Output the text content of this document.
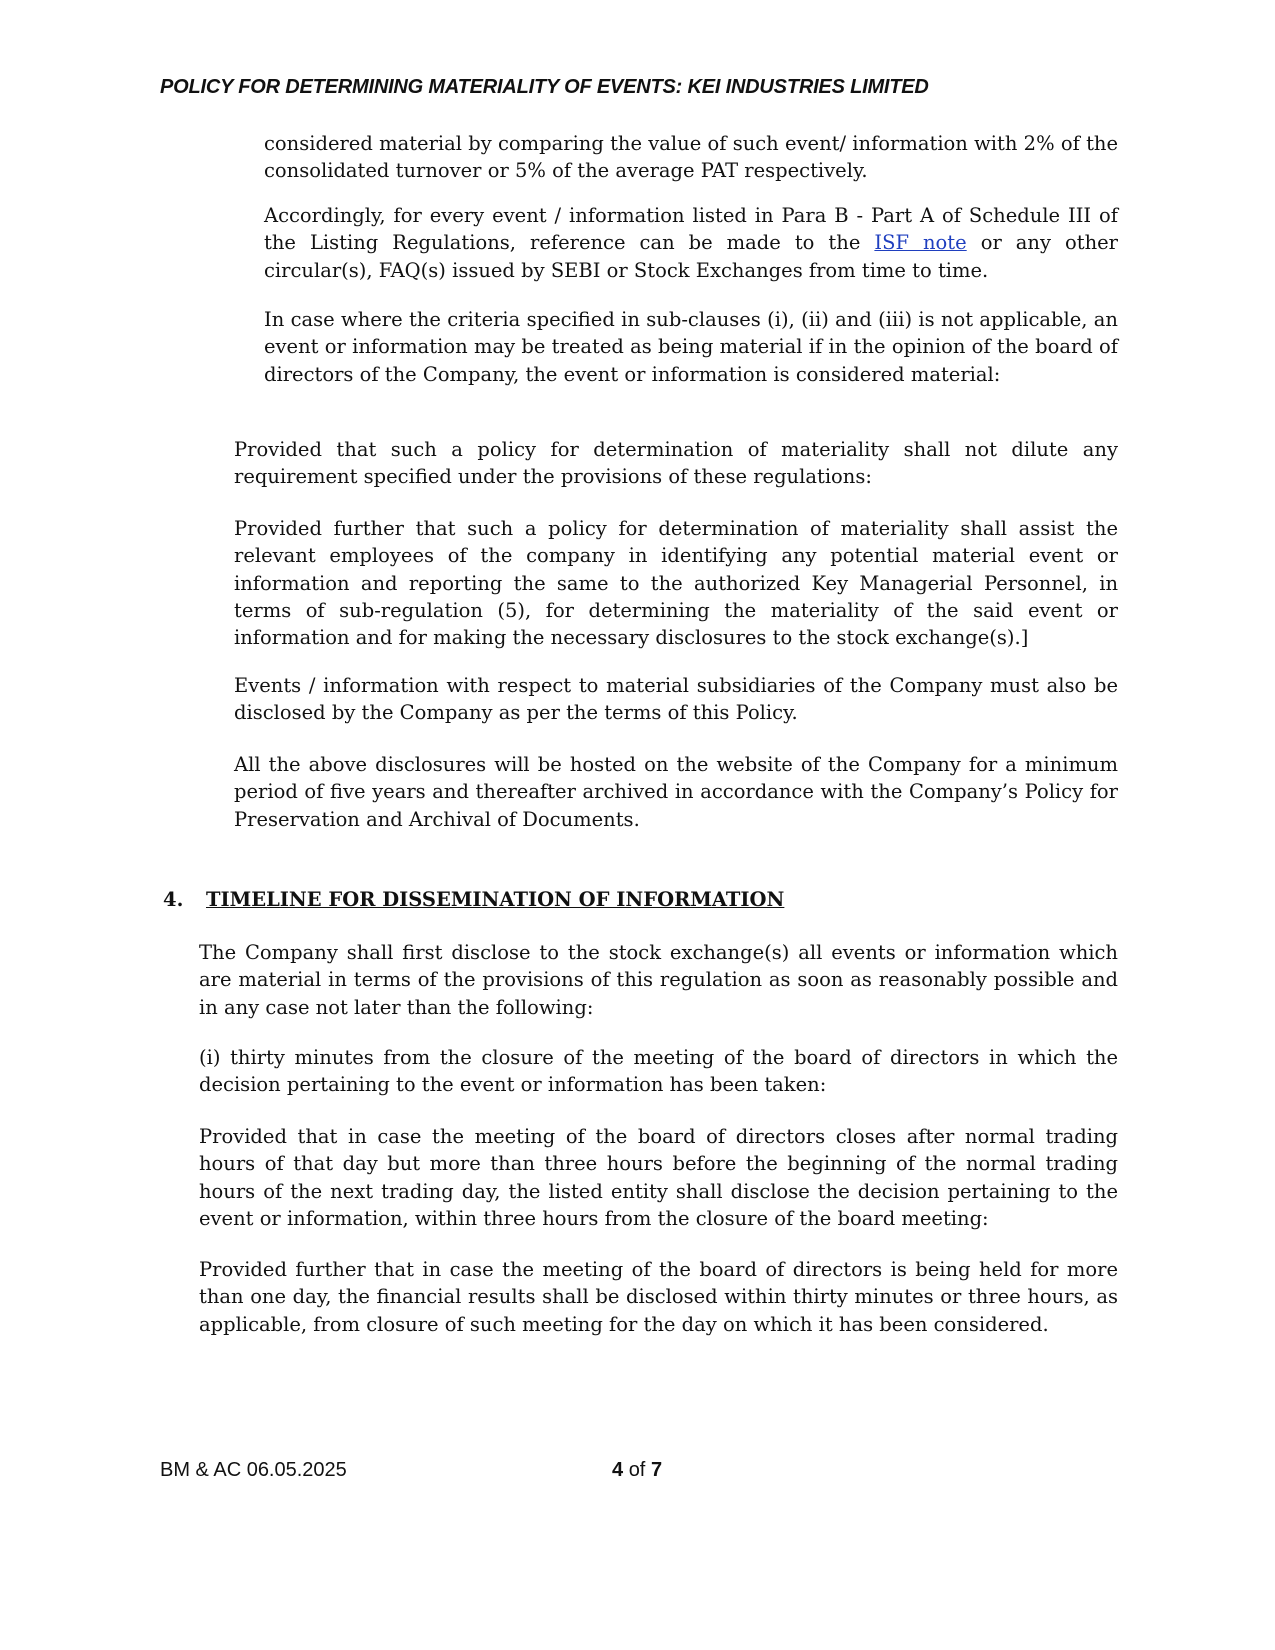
POLICY FOR DETERMINING MATERIALITY OF EVENTS: KEI INDUSTRIES LIMITED

considered material by comparing the value of such event/ information with 2% of the consolidated turnover or 5% of the average PAT respectively.

Accordingly, for every event / information listed in Para B - Part A of Schedule III of the Listing Regulations, reference can be made to the ISF note or any other circular(s), FAQ(s) issued by SEBI or Stock Exchanges from time to time.

In case where the criteria specified in sub-clauses (i), (ii) and (iii) is not applicable, an event or information may be treated as being material if in the opinion of the board of directors of the Company, the event or information is considered material:

Provided that such a policy for determination of materiality shall not dilute any requirement specified under the provisions of these regulations:

Provided further that such a policy for determination of materiality shall assist the relevant employees of the company in identifying any potential material event or information and reporting the same to the authorized Key Managerial Personnel, in terms of sub-regulation (5), for determining the materiality of the said event or information and for making the necessary disclosures to the stock exchange(s).]

Events / information with respect to material subsidiaries of the Company must also be disclosed by the Company as per the terms of this Policy.

All the above disclosures will be hosted on the website of the Company for a minimum period of five years and thereafter archived in accordance with the Company’s Policy for Preservation and Archival of Documents.

4. TIMELINE FOR DISSEMINATION OF INFORMATION

The Company shall first disclose to the stock exchange(s) all events or information which are material in terms of the provisions of this regulation as soon as reasonably possible and in any case not later than the following:

(i) thirty minutes from the closure of the meeting of the board of directors in which the decision pertaining to the event or information has been taken:

Provided that in case the meeting of the board of directors closes after normal trading hours of that day but more than three hours before the beginning of the normal trading hours of the next trading day, the listed entity shall disclose the decision pertaining to the event or information, within three hours from the closure of the board meeting:

Provided further that in case the meeting of the board of directors is being held for more than one day, the financial results shall be disclosed within thirty minutes or three hours, as applicable, from closure of such meeting for the day on which it has been considered.

BM & AC 06.05.2025	4 of 7
